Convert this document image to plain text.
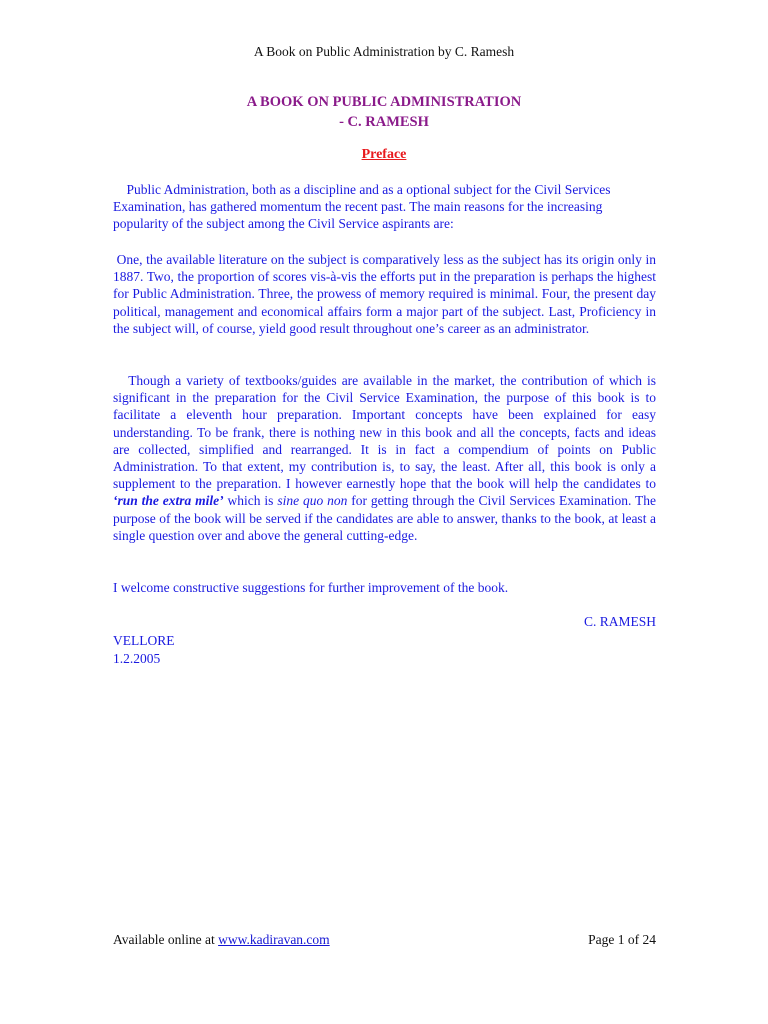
A Book on Public Administration by C. Ramesh
A BOOK ON PUBLIC ADMINISTRATION
- C. RAMESH
Preface
Public Administration, both as a discipline and as a optional subject for the Civil Services Examination, has gathered momentum the recent past. The main reasons for the increasing popularity of the subject among the Civil Service aspirants are:
One, the available literature on the subject is comparatively less as the subject has its origin only in 1887. Two, the proportion of scores vis-à-vis the efforts put in the preparation is perhaps the highest for Public Administration. Three, the prowess of memory required is minimal. Four, the present day political, management and economical affairs form a major part of the subject. Last, Proficiency in the subject will, of course, yield good result throughout one’s career as an administrator.
Though a variety of textbooks/guides are available in the market, the contribution of which is significant in the preparation for the Civil Service Examination, the purpose of this book is to facilitate a eleventh hour preparation. Important concepts have been explained for easy understanding. To be frank, there is nothing new in this book and all the concepts, facts and ideas are collected, simplified and rearranged. It is in fact a compendium of points on Public Administration. To that extent, my contribution is, to say, the least. After all, this book is only a supplement to the preparation. I however earnestly hope that the book will help the candidates to ‘run the extra mile’ which is sine quo non for getting through the Civil Services Examination. The purpose of the book will be served if the candidates are able to answer, thanks to the book, at least a single question over and above the general cutting-edge.
I welcome constructive suggestions for further improvement of the book.
C. RAMESH
VELLORE
1.2.2005
Available online at www.kadiravan.com	Page 1 of 24
